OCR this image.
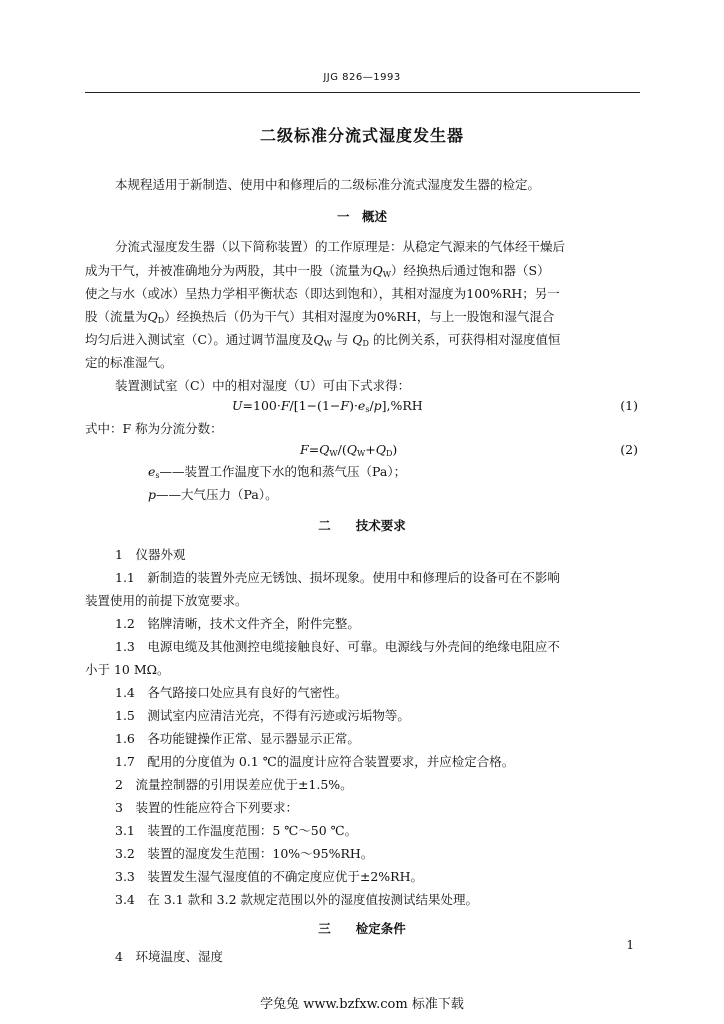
JJG 826—1993
二级标准分流式湿度发生器
本规程适用于新制造、使用中和修理后的二级标准分流式湿度发生器的检定。
一　概述
分流式湿度发生器（以下简称装置）的工作原理是：从稳定气源来的气体经干燥后
成为干气，并被准确地分为两股，其中一股（流量为$Q_W$）经换热后通过饱和器（S）
使之与水（或冰）呈热力学相平衡状态（即达到饱和），其相对湿度为100%RH；另一
股（流量为$Q_D$）经换热后（仍为干气）其相对湿度为0%RH，与上一股饱和湿气混合
均匀后进入测试室（C）。通过调节温度及$Q_W$ 与 $Q_D$ 的比例关系，可获得相对湿度值恒
定的标准湿气。
装置测试室（C）中的相对湿度（U）可由下式求得：
$U=100\cdot F/[1-(1-F)\cdot e_s/p],\%RH$	(1)
式中：F 称为分流分数：
$F=Q_W/(Q_W+Q_D)$	(2)
$e_s——$装置工作温度下水的饱和蒸气压（Pa）；
p——大气压力（Pa）。
二　　技术要求
1　仪器外观
1.1　新制造的装置外壳应无锈蚀、损坏现象。使用中和修理后的设备可在不影响
装置使用的前提下放宽要求。
1.2　铭牌清晰，技术文件齐全，附件完整。
1.3　电源电缆及其他测控电缆接触良好、可靠。电源线与外壳间的绝缘电阻应不
小于 10 MΩ。
1.4　各气路接口处应具有良好的气密性。
1.5　测试室内应清洁光亮，不得有污迹或污垢物等。
1.6　各功能键操作正常、显示器显示正常。
1.7　配用的分度值为 0.1 ℃的温度计应符合装置要求，并应检定合格。
2　流量控制器的引用误差应优于±1.5%。
3　装置的性能应符合下列要求：
3.1　装置的工作温度范围：5 ℃～50 ℃。
3.2　装置的湿度发生范围：10%～95%RH。
3.3　装置发生湿气湿度值的不确定度应优于±2%RH。
3.4　在 3.1 款和 3.2 款规定范围以外的湿度值按测试结果处理。
三　　检定条件
4　环境温度、湿度
1
学兔兔 www.bzfxw.com 标准下载
